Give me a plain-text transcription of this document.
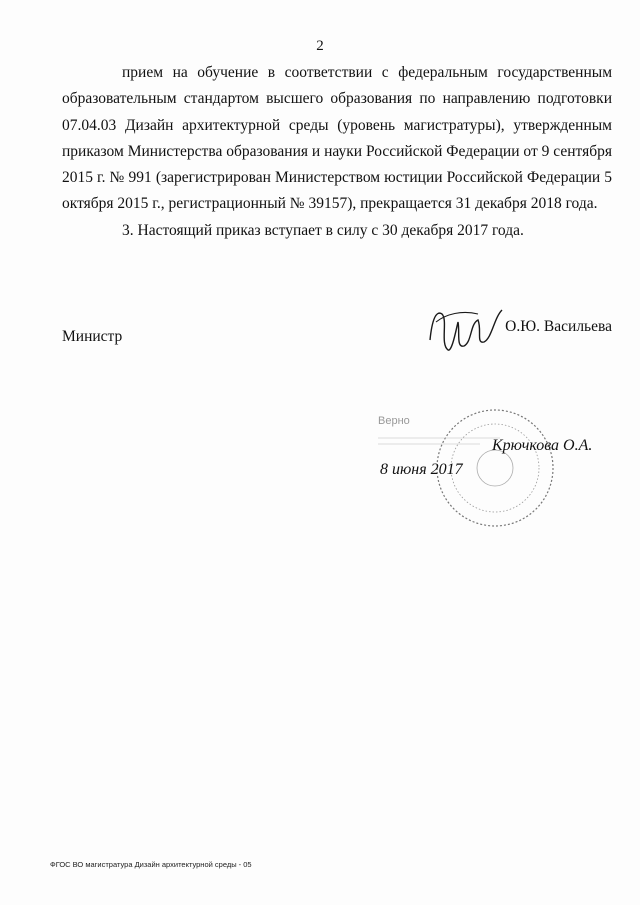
2

прием на обучение в соответствии с федеральным государственным образовательным стандартом высшего образования по направлению подготовки 07.04.03 Дизайн архитектурной среды (уровень магистратуры), утвержденным приказом Министерства образования и науки Российской Федерации от 9 сентября 2015 г. № 991 (зарегистрирован Министерством юстиции Российской Федерации 5 октября 2015 г., регистрационный № 39157), прекращается 31 декабря 2018 года.

3. Настоящий приказ вступает в силу с 30 декабря 2017 года.

Министр
О.Ю. Васильева
Верно
Крючкова О.А.
8 июня 2017
ФГОС ВО магистратура Дизайн архитектурной среды - 05
